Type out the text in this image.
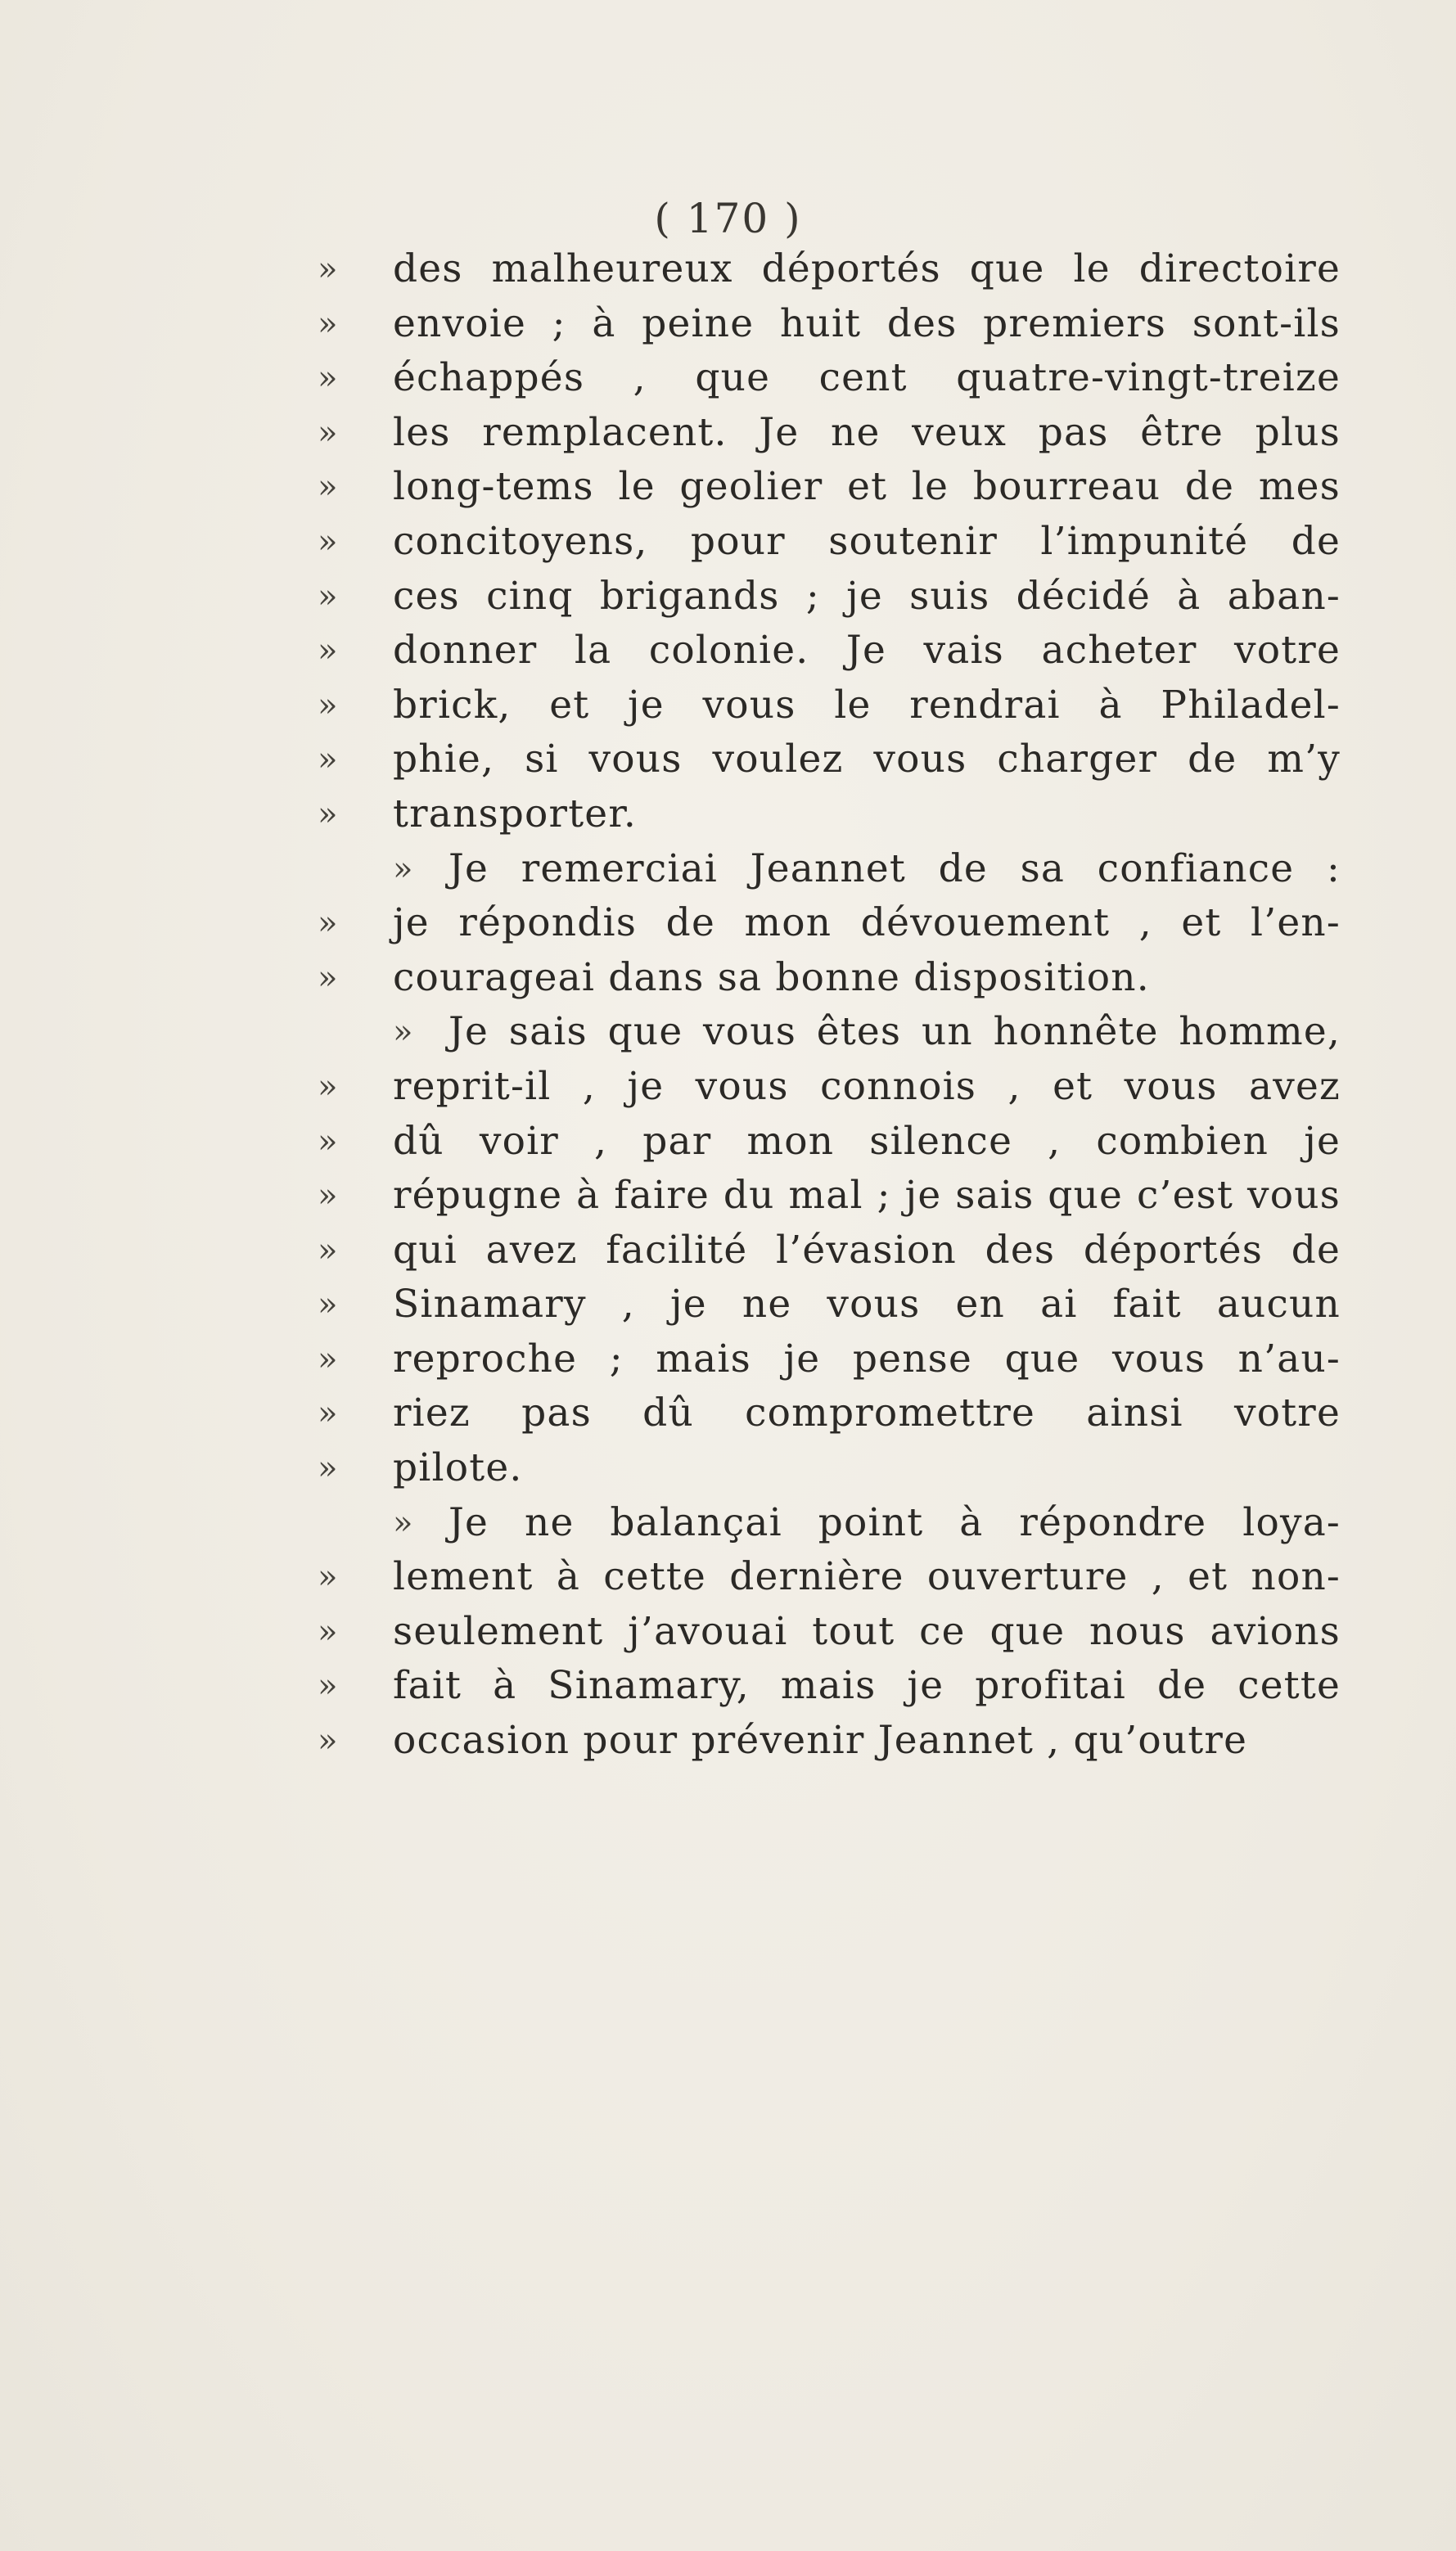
( 170 )
»	des malheureux déportés que le directoire
»	envoie ; à peine huit des premiers sont-ils
»	échappés , que cent quatre-vingt-treize
»	les remplacent. Je ne veux pas être plus
»	long-tems le geolier et le bourreau de mes
»	concitoyens, pour soutenir l’impunité de
»	ces cinq brigands ; je suis décidé à aban-
»	donner la colonie. Je vais acheter votre
»	brick, et je vous le rendrai à Philadel-
»	phie, si vous voulez vous charger de m’y
»	transporter.
» Je remerciai Jeannet de sa confiance :
»	je répondis de mon dévouement , et l’en-
»	courageai dans sa bonne disposition.
» Je sais que vous êtes un honnête homme,
»	reprit-il , je vous connois , et vous avez
»	dû voir , par mon silence , combien je
»	répugne à faire du mal ; je sais que c’est vous
»	qui avez facilité l’évasion des déportés de
»	Sinamary , je ne vous en ai fait aucun
»	reproche ; mais je pense que vous n’au-
»	riez pas dû compromettre ainsi votre
»	pilote.
» Je ne balançai point à répondre loya-
»	lement à cette dernière ouverture , et non-
»	seulement j’avouai tout ce que nous avions
»	fait à Sinamary, mais je profitai de cette
»	occasion pour prévenir Jeannet , qu’outre
